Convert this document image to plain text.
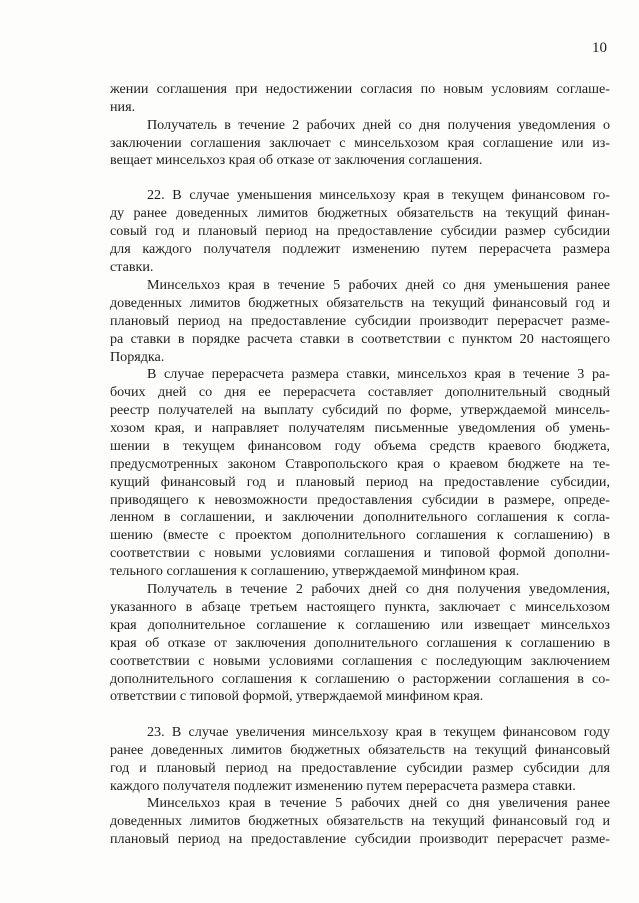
10
жении соглашения при недостижении согласия по новым условиям соглаше-
ния.
Получатель в течение 2 рабочих дней со дня получения уведомления о
заключении соглашения заключает с минсельхозом края соглашение или из-
вещает минсельхоз края об отказе от заключения соглашения.
22. В случае уменьшения минсельхозу края в текущем финансовом го-
ду ранее доведенных лимитов бюджетных обязательств на текущий финан-
совый год и плановый период на предоставление субсидии размер субсидии
для каждого получателя подлежит изменению путем перерасчета размера
ставки.
Минсельхоз края в течение 5 рабочих дней со дня уменьшения ранее
доведенных лимитов бюджетных обязательств на текущий финансовый год и
плановый период на предоставление субсидии производит перерасчет разме-
ра ставки в порядке расчета ставки в соответствии с пунктом 20 настоящего
Порядка.
В случае перерасчета размера ставки, минсельхоз края в течение 3 ра-
бочих дней со дня ее перерасчета составляет дополнительный сводный
реестр получателей на выплату субсидий по форме, утверждаемой минсель-
хозом края, и направляет получателям письменные уведомления об умень-
шении в текущем финансовом году объема средств краевого бюджета,
предусмотренных законом Ставропольского края о краевом бюджете на те-
кущий финансовый год и плановый период на предоставление субсидии,
приводящего к невозможности предоставления субсидии в размере, опреде-
ленном в соглашении, и заключении дополнительного соглашения к согла-
шению (вместе с проектом дополнительного соглашения к соглашению) в
соответствии с новыми условиями соглашения и типовой формой дополни-
тельного соглашения к соглашению, утверждаемой минфином края.
Получатель в течение 2 рабочих дней со дня получения уведомления,
указанного в абзаце третьем настоящего пункта, заключает с минсельхозом
края дополнительное соглашение к соглашению или извещает минсельхоз
края об отказе от заключения дополнительного соглашения к соглашению в
соответствии с новыми условиями соглашения с последующим заключением
дополнительного соглашения к соглашению о расторжении соглашения в со-
ответствии с типовой формой, утверждаемой минфином края.
23. В случае увеличения минсельхозу края в текущем финансовом году
ранее доведенных лимитов бюджетных обязательств на текущий финансовый
год и плановый период на предоставление субсидии размер субсидии для
каждого получателя подлежит изменению путем перерасчета размера ставки.
Минсельхоз края в течение 5 рабочих дней со дня увеличения ранее
доведенных лимитов бюджетных обязательств на текущий финансовый год и
плановый период на предоставление субсидии производит перерасчет разме-
